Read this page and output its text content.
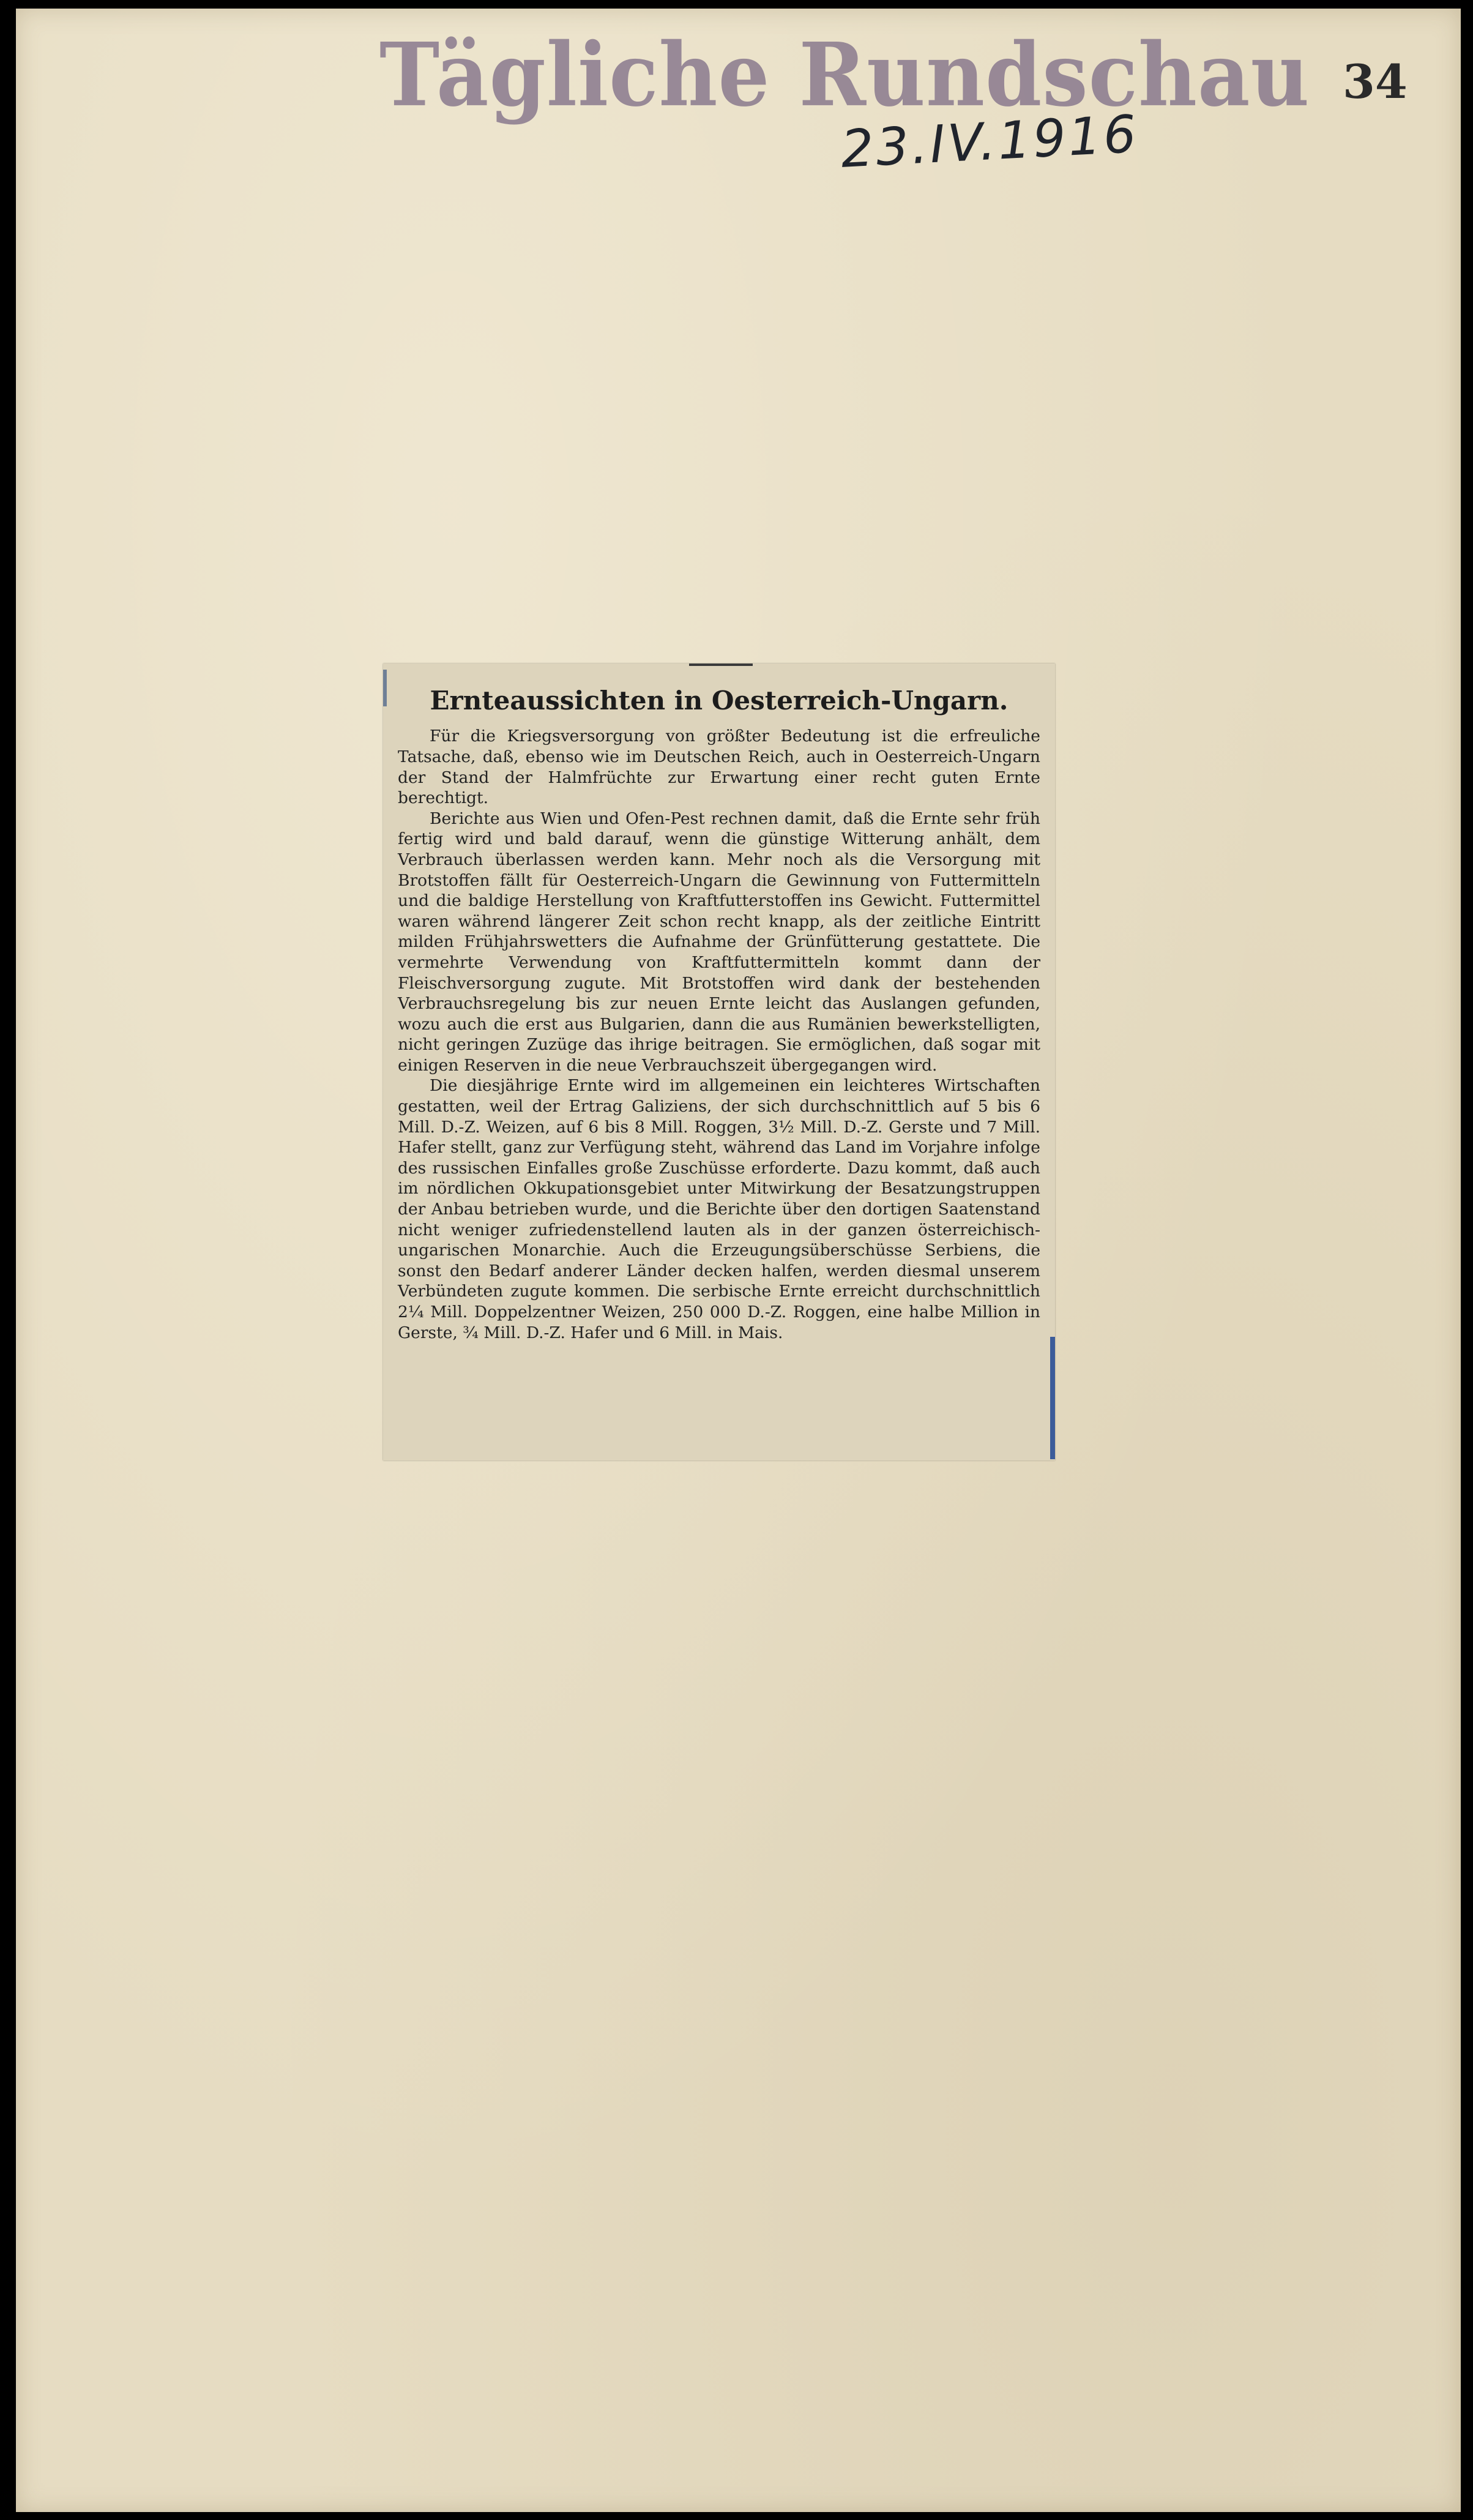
Tägliche Rundschau 34
23.IV.1916
Ernteaussichten in Oesterreich-Ungarn.

Für die Kriegsversorgung von größter Bedeutung ist die erfreuliche Tatsache, daß, ebenso wie im Deutschen Reich, auch in Oesterreich-Ungarn der Stand der Halmfrüchte zur Erwartung einer recht guten Ernte berechtigt.

Berichte aus Wien und Ofen-Pest rechnen damit, daß die Ernte sehr früh fertig wird und bald darauf, wenn die günstige Witterung anhält, dem Verbrauch überlassen werden kann. Mehr noch als die Versorgung mit Brotstoffen fällt für Oesterreich-Ungarn die Gewinnung von Futtermitteln und die baldige Herstellung von Kraftfutterstoffen ins Gewicht. Futtermittel waren während längerer Zeit schon recht knapp, als der zeitliche Eintritt milden Frühjahrswetters die Aufnahme der Grünfütterung gestattete. Die vermehrte Verwendung von Kraftfuttermitteln kommt dann der Fleischversorgung zugute. Mit Brotstoffen wird dank der bestehenden Verbrauchsregelung bis zur neuen Ernte leicht das Auslangen gefunden, wozu auch die erst aus Bulgarien, dann die aus Rumänien bewerkstelligten, nicht geringen Zuzüge das ihrige beitragen. Sie ermöglichen, daß sogar mit einigen Reserven in die neue Verbrauchszeit übergegangen wird.

Die diesjährige Ernte wird im allgemeinen ein leichteres Wirtschaften gestatten, weil der Ertrag Galiziens, der sich durchschnittlich auf 5 bis 6 Mill. D.-Z. Weizen, auf 6 bis 8 Mill. Roggen, 3½ Mill. D.-Z. Gerste und 7 Mill. Hafer stellt, ganz zur Verfügung steht, während das Land im Vorjahre infolge des russischen Einfalles große Zuschüsse erforderte. Dazu kommt, daß auch im nördlichen Okkupationsgebiet unter Mitwirkung der Besatzungstruppen der Anbau betrieben wurde, und die Berichte über den dortigen Saatenstand nicht weniger zufriedenstellend lauten als in der ganzen österreichisch-ungarischen Monarchie. Auch die Erzeugungsüberschüsse Serbiens, die sonst den Bedarf anderer Länder decken halfen, werden diesmal unserem Verbündeten zugute kommen. Die serbische Ernte erreicht durchschnittlich 2¼ Mill. Doppelzentner Weizen, 250 000 D.-Z. Roggen, eine halbe Million in Gerste, ¾ Mill. D.-Z. Hafer und 6 Mill. in Mais.
